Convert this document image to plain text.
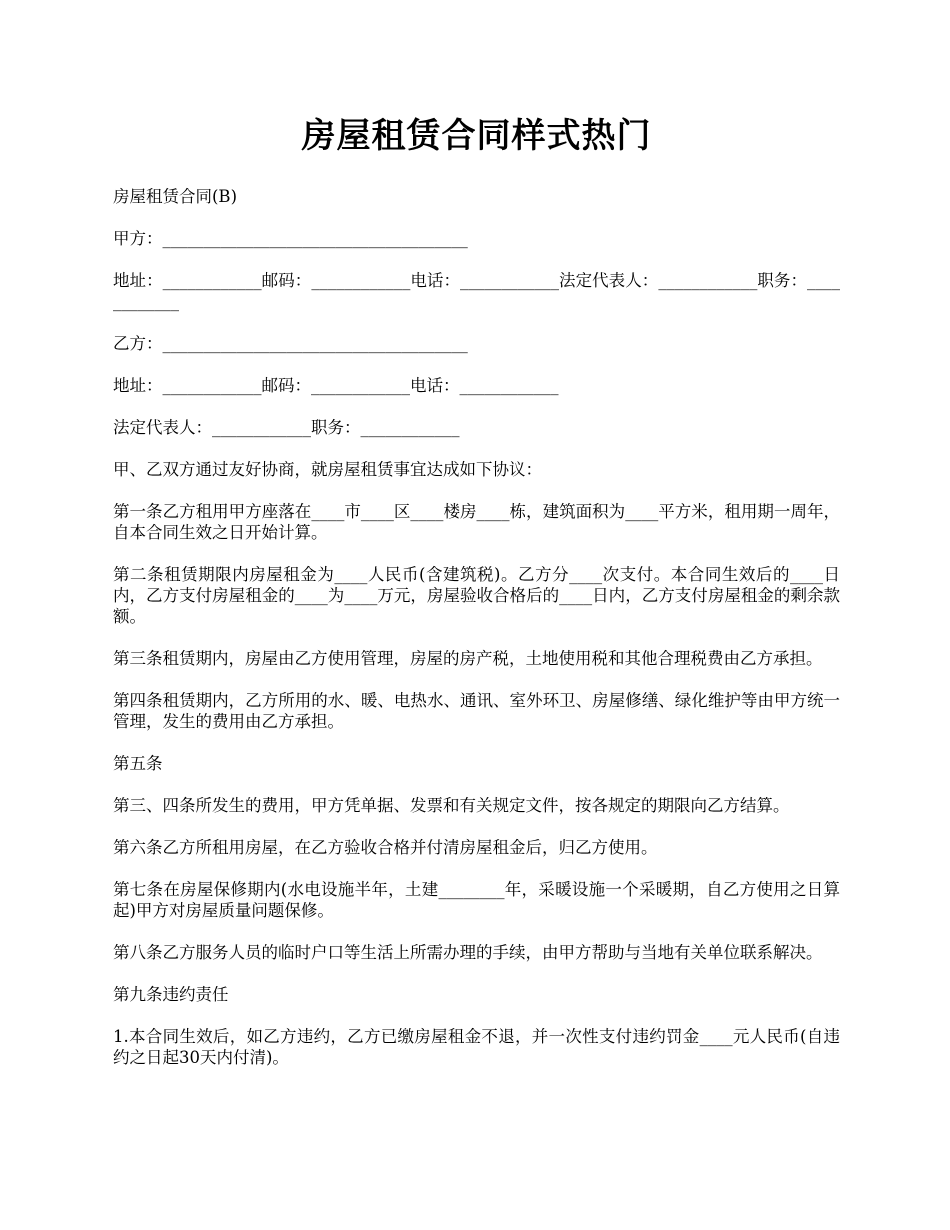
房屋租赁合同样式热门

房屋租赁合同(B)

甲方：_____________________________________

地址：____________邮码：____________电话：____________法定代表人：____________职务：____________

乙方：_____________________________________

地址：____________邮码：____________电话：____________

法定代表人：____________职务：____________

甲、乙双方通过友好协商，就房屋租赁事宜达成如下协议：

第一条乙方租用甲方座落在____市____区____楼房____栋，建筑面积为____平方米，租用期一周年，自本合同生效之日开始计算。

第二条租赁期限内房屋租金为____人民币(含建筑税)。乙方分____次支付。本合同生效后的____日内，乙方支付房屋租金的____为____万元，房屋验收合格后的____日内，乙方支付房屋租金的剩余款额。

第三条租赁期内，房屋由乙方使用管理，房屋的房产税，土地使用税和其他合理税费由乙方承担。

第四条租赁期内，乙方所用的水、暖、电热水、通讯、室外环卫、房屋修缮、绿化维护等由甲方统一管理，发生的费用由乙方承担。

第五条

第三、四条所发生的费用，甲方凭单据、发票和有关规定文件，按各规定的期限向乙方结算。

第六条乙方所租用房屋，在乙方验收合格并付清房屋租金后，归乙方使用。

第七条在房屋保修期内(水电设施半年，土建________年，采暖设施一个采暖期，自乙方使用之日算起)甲方对房屋质量问题保修。

第八条乙方服务人员的临时户口等生活上所需办理的手续，由甲方帮助与当地有关单位联系解决。

第九条违约责任

1.本合同生效后，如乙方违约，乙方已缴房屋租金不退，并一次性支付违约罚金____元人民币(自违约之日起30天内付清)。
